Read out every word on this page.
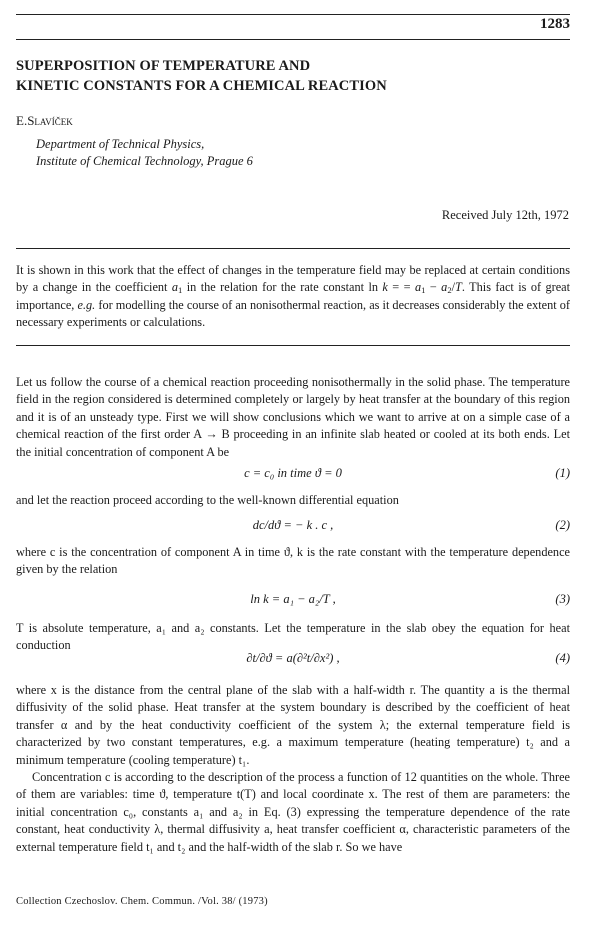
1283
SUPERPOSITION OF TEMPERATURE AND
KINETIC CONSTANTS FOR A CHEMICAL REACTION
E.Slavíček
Department of Technical Physics,
Institute of Chemical Technology, Prague 6
Received July 12th, 1972
It is shown in this work that the effect of changes in the temperature field may be replaced at certain conditions by a change in the coefficient $a_1$ in the relation for the rate constant ln k = = $a_1 - a_2/T$. This fact is of great importance, e.g. for modelling the course of an nonisothermal reaction, as it decreases considerably the extent of necessary experiments or calculations.

Let us follow the course of a chemical reaction proceeding nonisothermally in the solid phase. The temperature field in the region considered is determined completely or largely by heat transfer at the boundary of this region and it is of an unsteady type. First we will show conclusions which we want to arrive at on a simple case of a chemical reaction of the first order A → B proceeding in an infinite slab heated or cooled at its both ends. Let the initial concentration of component A be

c = c₀ in time ϑ = 0	(1)

and let the reaction proceed according to the well-known differential equation

dc/dϑ = − k . c ,	(2)

where c is the concentration of component A in time ϑ, k is the rate constant with the temperature dependence given by the relation

ln k = a₁ − a₂/T ,	(3)

T is absolute temperature, a₁ and a₂ constants. Let the temperature in the slab obey the equation for heat conduction

∂t/∂ϑ = a(∂²t/∂x²) ,	(4)

where x is the distance from the central plane of the slab with a half-width r. The quantity a is the thermal diffusivity of the solid phase. Heat transfer at the system boundary is described by the coefficient of heat transfer α and by the heat conductivity coefficient of the system λ; the external temperature field is characterized by two constant temperatures, e.g. a maximum temperature (heating temperature) t₂ and a minimum temperature (cooling temperature) t₁.

Concentration c is according to the description of the process a function of 12 quantities on the whole. Three of them are variables: time ϑ, temperature t(T) and local coordinate x. The rest of them are parameters: the initial concentration c₀, constants a₁ and a₂ in Eq. (3) expressing the temperature dependence of the rate constant, heat conductivity λ, thermal diffusivity a, heat transfer coefficient α, characteristic parameters of the external temperature field t₁ and t₂ and the half-width of the slab r. So we have

Collection Czechoslov. Chem. Commun. /Vol. 38/ (1973)
